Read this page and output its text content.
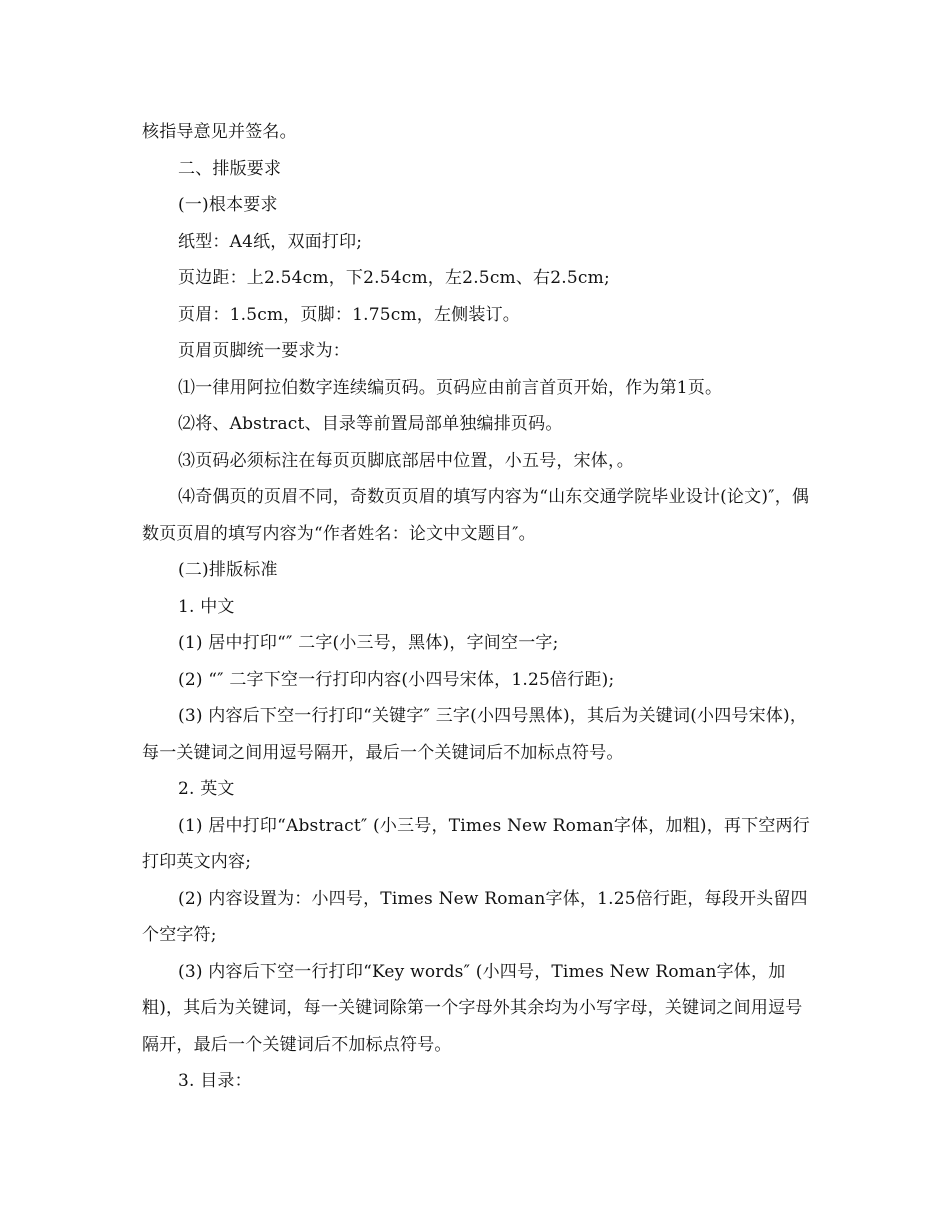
核指导意见并签名。

二、排版要求

(一)根本要求

纸型：A4纸，双面打印;

页边距：上2.54cm，下2.54cm，左2.5cm、右2.5cm;

页眉：1.5cm，页脚：1.75cm，左侧装订。

页眉页脚统一要求为：

⑴一律用阿拉伯数字连续编页码。页码应由前言首页开始，作为第1页。

⑵将、Abstract、目录等前置局部单独编排页码。

⑶页码必须标注在每页页脚底部居中位置，小五号，宋体，。

⑷奇偶页的页眉不同，奇数页页眉的填写内容为“山东交通学院毕业设计(论文)″，偶数页页眉的填写内容为“作者姓名：论文中文题目″。

(二)排版标准

1. 中文

(1) 居中打印“″ 二字(小三号，黑体)，字间空一字;

(2) “″ 二字下空一行打印内容(小四号宋体，1.25倍行距);

(3) 内容后下空一行打印“关键字″ 三字(小四号黑体)，其后为关键词(小四号宋体)，每一关键词之间用逗号隔开，最后一个关键词后不加标点符号。

2. 英文

(1) 居中打印“Abstract″ (小三号，Times New Roman字体，加粗)，再下空两行打印英文内容;

(2) 内容设置为：小四号，Times New Roman字体，1.25倍行距，每段开头留四个空字符;

(3) 内容后下空一行打印“Key words″ (小四号，Times New Roman字体，加粗)，其后为关键词，每一关键词除第一个字母外其余均为小写字母，关键词之间用逗号隔开，最后一个关键词后不加标点符号。

3. 目录：
